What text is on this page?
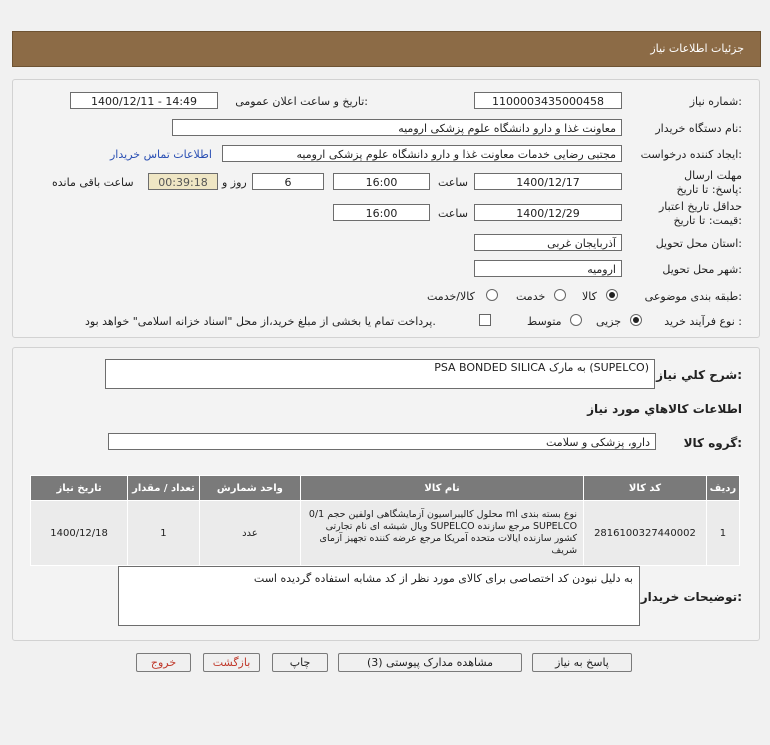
جزئیات اطلاعات نیاز
شماره نیاز:
1100003435000458
تاریخ و ساعت اعلان عمومی:
1400/12/11 - 14:49
نام دستگاه خریدار:
معاونت غذا و دارو دانشگاه علوم پزشکی ارومیه
ایجاد کننده درخواست:
مجتبی رضایی خدمات معاونت غذا و دارو دانشگاه علوم پزشکی ارومیه
اطلاعات تماس خریدار
مهلت ارسال پاسخ: تا تاریخ:
1400/12/17
ساعت
16:00
6
روز و
00:39:18
ساعت باقی مانده
حداقل تاریخ اعتبار قیمت: تا تاریخ:
1400/12/29
ساعت
16:00
استان محل تحویل:
آذربایجان غربی
شهر محل تحویل:
ارومیه
طبقه بندی موضوعی:
کالا
خدمت
کالا/خدمت
نوع فرآیند خرید :
جزیی
متوسط
پرداخت تمام یا بخشی از مبلغ خرید،از محل "اسناد خزانه اسلامی" خواهد بود.
شرح کلي نياز:
PSA BONDED SILICA به مارک (SUPELCO)
اطلاعات کالاهاي مورد نياز
گروه کالا:
دارو، پزشکی و سلامت
تاریخ نیاز	تعداد / مقدار	واحد شمارش	نام کالا	کد کالا	ردیف
1400/12/18	1	عدد	محلول کالیبراسیون آزمایشگاهی اولفین حجم 0/1 ml نوع بسته بندی ویال شیشه ای نام تجارتی SUPELCO مرجع سازنده SUPELCO کشور سازنده ایالات متحده آمریکا مرجع عرضه کننده تجهیز آزمای شریف	2816100327440002	1
توضیحات خریدار:
به دلیل نبودن کد اختصاصی برای کالای مورد نظر از کد مشابه استفاده گردیده است
پاسخ به نیاز
مشاهده مدارک پیوستی (3)
چاپ
بازگشت
خروج
